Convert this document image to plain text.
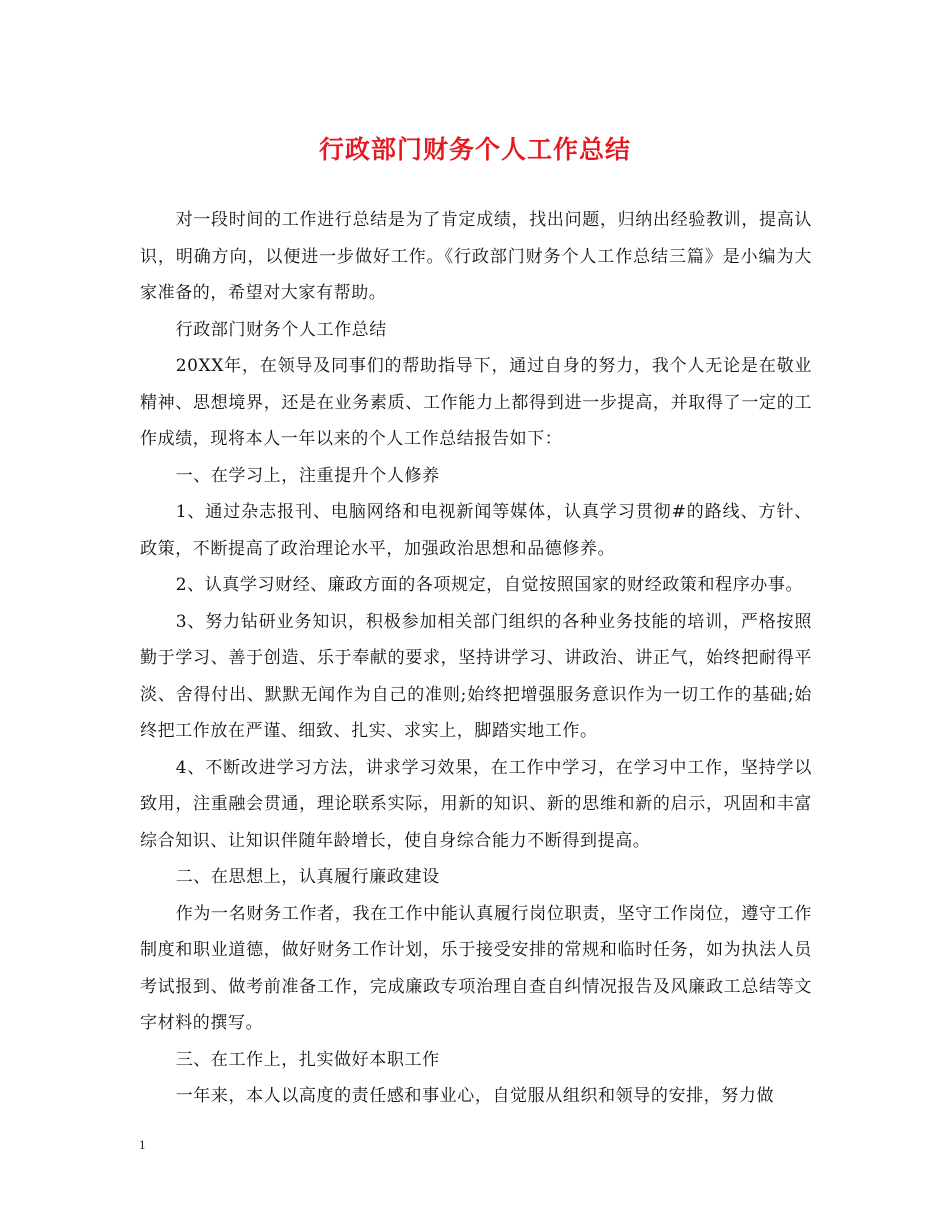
行政部门财务个人工作总结

对一段时间的工作进行总结是为了肯定成绩，找出问题，归纳出经验教训，提高认识，明确方向，以便进一步做好工作。《行政部门财务个人工作总结三篇》是小编为大家准备的，希望对大家有帮助。

行政部门财务个人工作总结

20XX年，在领导及同事们的帮助指导下，通过自身的努力，我个人无论是在敬业精神、思想境界，还是在业务素质、工作能力上都得到进一步提高，并取得了一定的工作成绩，现将本人一年以来的个人工作总结报告如下：

一、在学习上，注重提升个人修养

1、通过杂志报刊、电脑网络和电视新闻等媒体，认真学习贯彻#的路线、方针、政策，不断提高了政治理论水平，加强政治思想和品德修养。

2、认真学习财经、廉政方面的各项规定，自觉按照国家的财经政策和程序办事。

3、努力钻研业务知识，积极参加相关部门组织的各种业务技能的培训，严格按照勤于学习、善于创造、乐于奉献的要求，坚持讲学习、讲政治、讲正气，始终把耐得平淡、舍得付出、默默无闻作为自己的准则;始终把增强服务意识作为一切工作的基础;始终把工作放在严谨、细致、扎实、求实上，脚踏实地工作。

4、不断改进学习方法，讲求学习效果，在工作中学习，在学习中工作，坚持学以致用，注重融会贯通，理论联系实际，用新的知识、新的思维和新的启示，巩固和丰富综合知识、让知识伴随年龄增长，使自身综合能力不断得到提高。

二、在思想上，认真履行廉政建设

作为一名财务工作者，我在工作中能认真履行岗位职责，坚守工作岗位，遵守工作制度和职业道德，做好财务工作计划，乐于接受安排的常规和临时任务，如为执法人员考试报到、做考前准备工作，完成廉政专项治理自查自纠情况报告及风廉政工总结等文字材料的撰写。

三、在工作上，扎实做好本职工作

一年来，本人以高度的责任感和事业心，自觉服从组织和领导的安排，努力做

1
